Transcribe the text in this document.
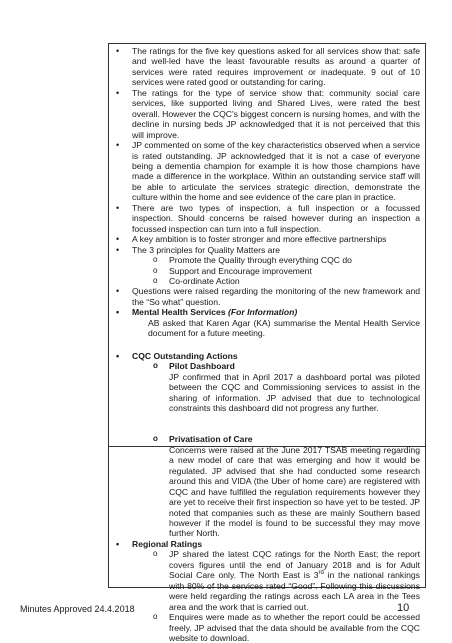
• The ratings for the five key questions asked for all services show that: safe and well-led have the least favourable results as around a quarter of services were rated requires improvement or inadequate. 9 out of 10 services were rated good or outstanding for caring.
• The ratings for the type of service show that: community social care services, like supported living and Shared Lives, were rated the best overall. However the CQC's biggest concern is nursing homes, and with the decline in nursing beds JP acknowledged that it is not perceived that this will improve.
• JP commented on some of the key characteristics observed when a service is rated outstanding. JP acknowledged that it is not a case of everyone being a dementia champion for example it is how those champions have made a difference in the workplace. Within an outstanding service staff will be able to articulate the services strategic direction, demonstrate the culture within the home and see evidence of the care plan in practice.
• There are two types of inspection, a full inspection or a focussed inspection. Should concerns be raised however during an inspection a focussed inspection can turn into a full inspection.
• A key ambition is to foster stronger and more effective partnerships
• The 3 principles for Quality Matters are
o Promote the Quality through everything CQC do
o Support and Encourage improvement
o Co-ordinate Action
• Questions were raised regarding the monitoring of the new framework and the “So what” question.
• Mental Health Services (For Information)
AB asked that Karen Agar (KA) summarise the Mental Health Service document for a future meeting.
• CQC Outstanding Actions
o Pilot Dashboard
JP confirmed that in April 2017 a dashboard portal was piloted between the CQC and Commissioning services to assist in the sharing of information. JP advised that due to technological constraints this dashboard did not progress any further.
o Privatisation of Care
Concerns were raised at the June 2017 TSAB meeting regarding a new model of care that was emerging and how it would be regulated. JP advised that she had conducted some research around this and VIDA (the Uber of home care) are registered with CQC and have fulfilled the regulation requirements however they are yet to receive their first inspection so have yet to be tested. JP noted that companies such as these are mainly Southern based however if the model is found to be successful they may move further North.
• Regional Ratings
o JP shared the latest CQC ratings for the North East; the report covers figures until the end of January 2018 and is for Adult Social Care only. The North East is 3rd in the national rankings with 80% of the services rated “Good”. Following this discussions were held regarding the ratings across each LA area in the Tees area and the work that is carried out.
o Enquires were made as to whether the report could be accessed freely. JP advised that the data should be available from the CQC website to download.
Minutes Approved 24.4.2018	10
